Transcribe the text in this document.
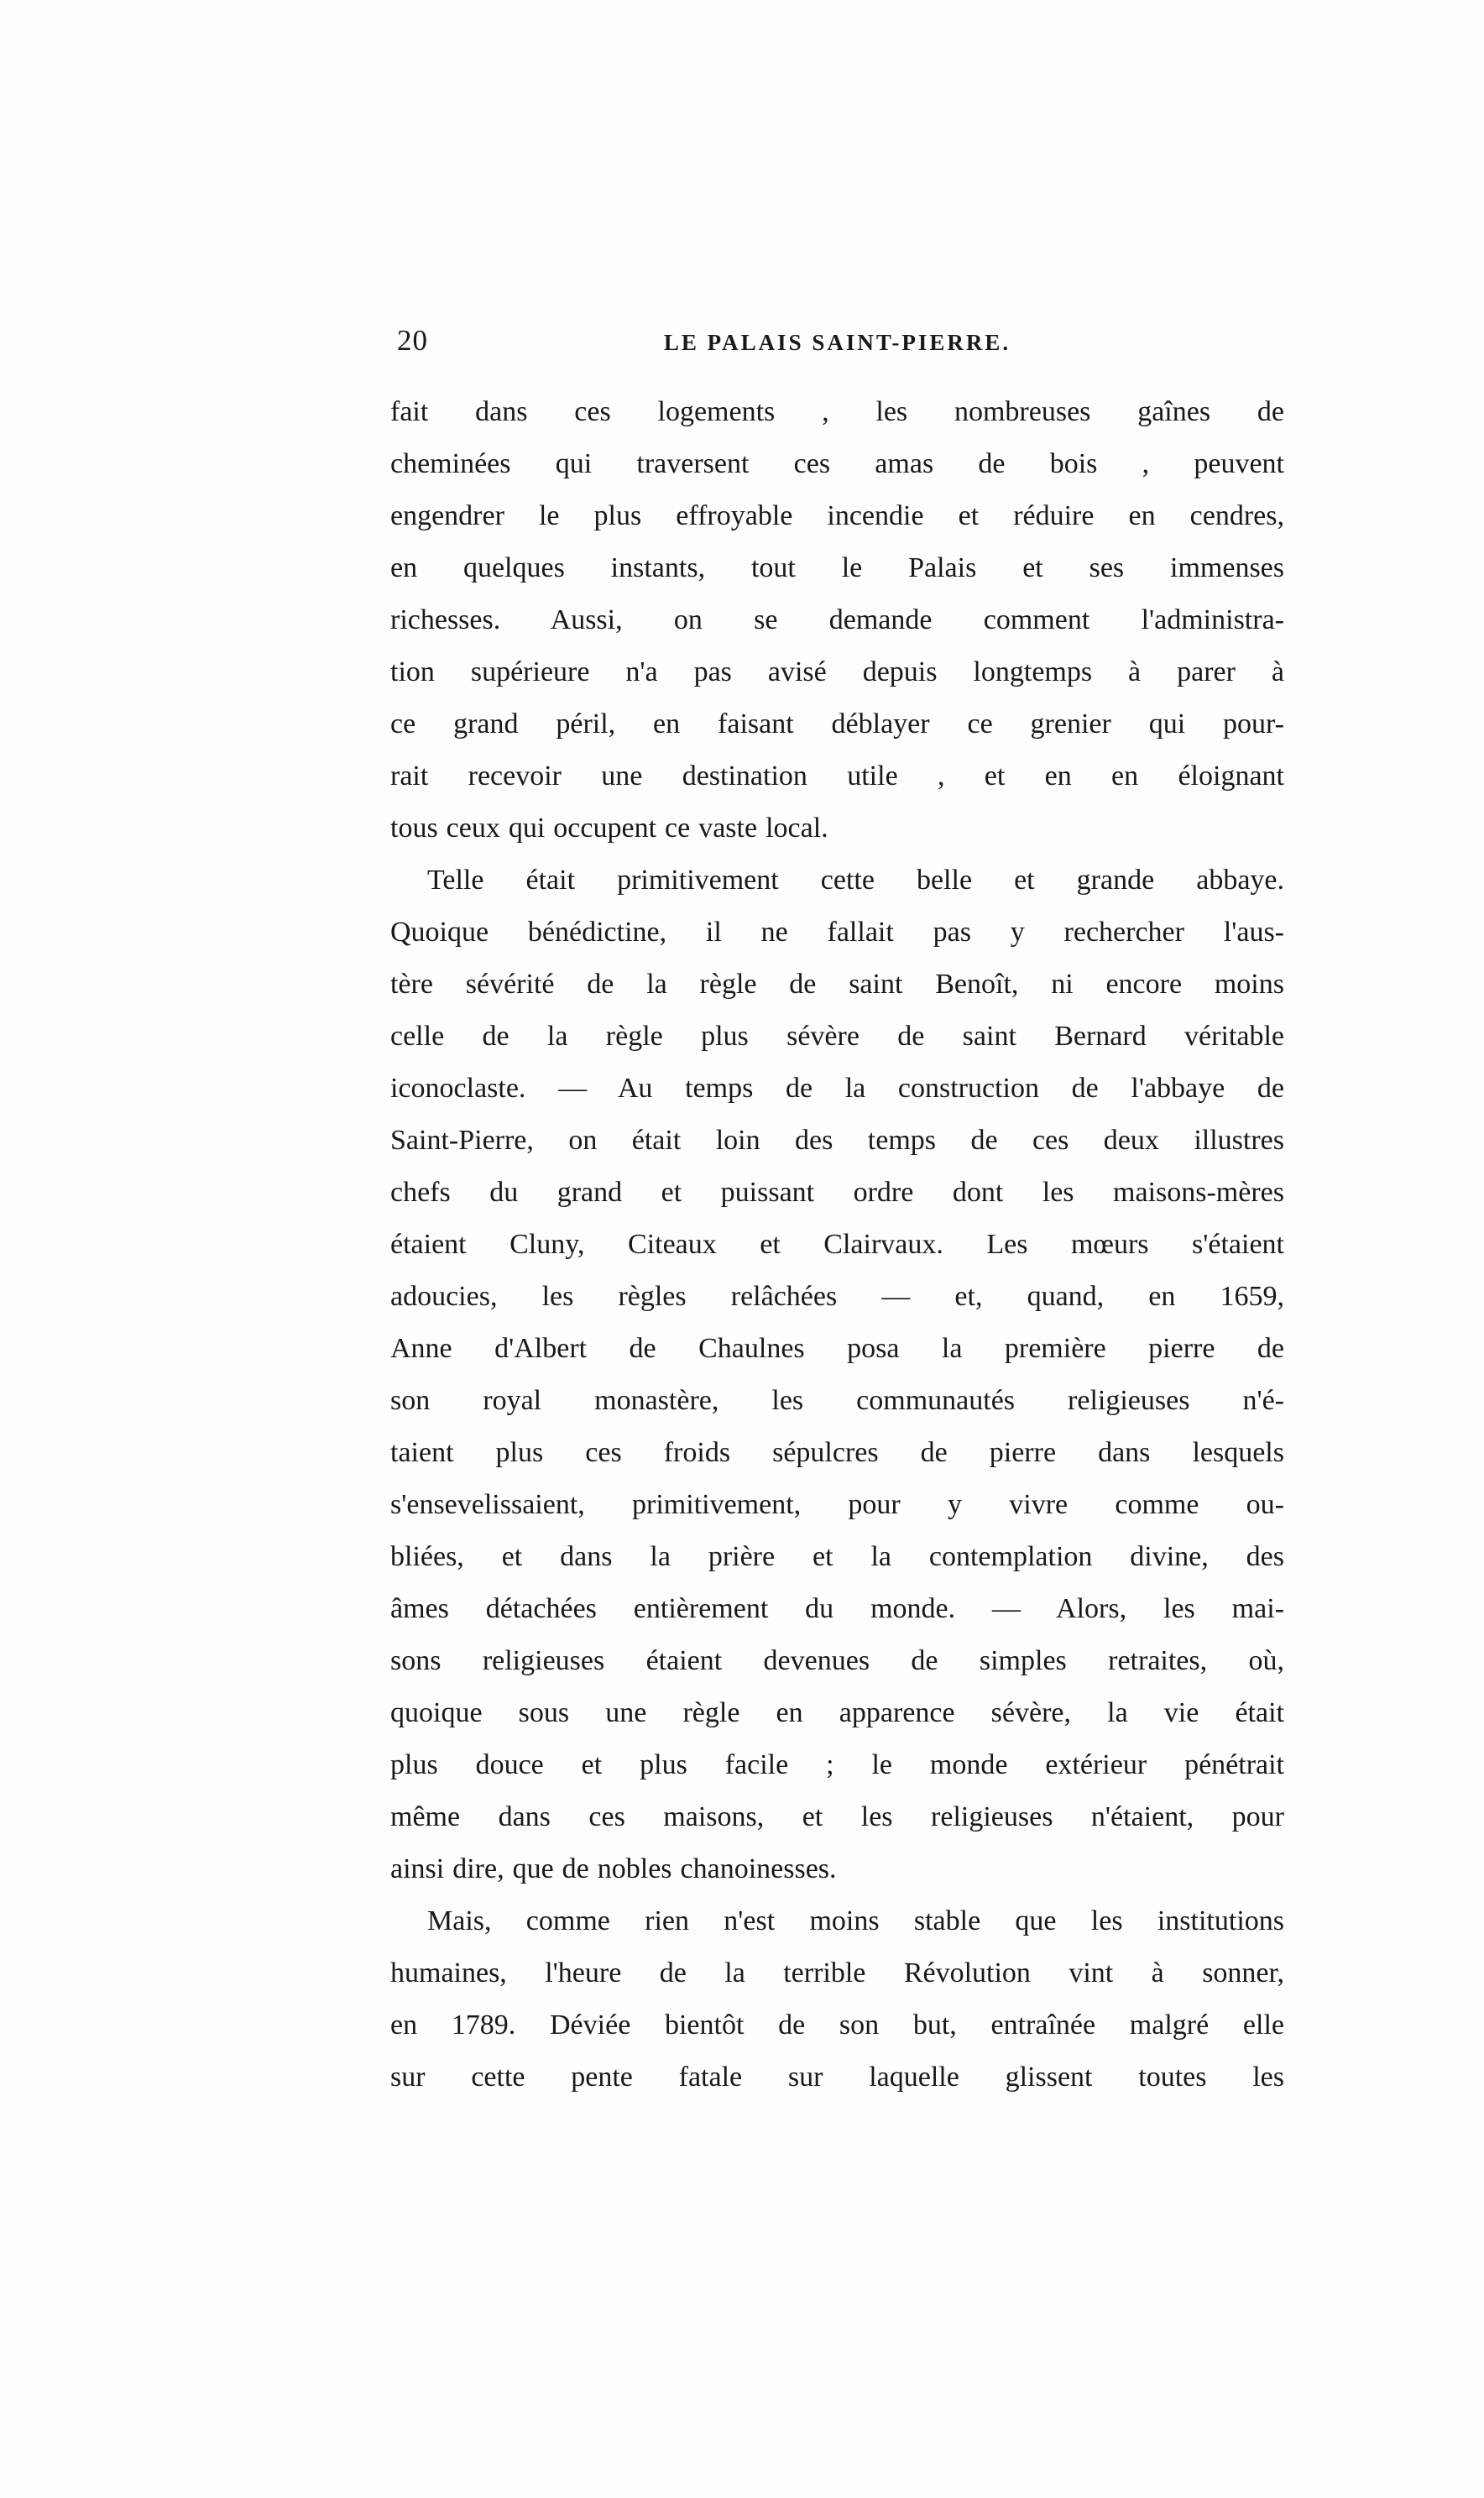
20	LE PALAIS SAINT-PIERRE.
fait dans ces logements , les nombreuses gaînes de
cheminées qui traversent ces amas de bois , peuvent
engendrer le plus effroyable incendie et réduire en cendres,
en quelques instants, tout le Palais et ses immenses
richesses. Aussi, on se demande comment l'administra-
tion supérieure n'a pas avisé depuis longtemps à parer à
ce grand péril, en faisant déblayer ce grenier qui pour-
rait recevoir une destination utile , et en en éloignant
tous ceux qui occupent ce vaste local.
Telle était primitivement cette belle et grande abbaye.
Quoique bénédictine, il ne fallait pas y rechercher l'aus-
tère sévérité de la règle de saint Benoît, ni encore moins
celle de la règle plus sévère de saint Bernard véritable
iconoclaste. — Au temps de la construction de l'abbaye de
Saint-Pierre, on était loin des temps de ces deux illustres
chefs du grand et puissant ordre dont les maisons-mères
étaient Cluny, Citeaux et Clairvaux. Les mœurs s'étaient
adoucies, les règles relâchées — et, quand, en 1659,
Anne d'Albert de Chaulnes posa la première pierre de
son royal monastère, les communautés religieuses n'é-
taient plus ces froids sépulcres de pierre dans lesquels
s'ensevelissaient, primitivement, pour y vivre comme ou-
bliées, et dans la prière et la contemplation divine, des
âmes détachées entièrement du monde. — Alors, les mai-
sons religieuses étaient devenues de simples retraites, où,
quoique sous une règle en apparence sévère, la vie était
plus douce et plus facile ; le monde extérieur pénétrait
même dans ces maisons, et les religieuses n'étaient, pour
ainsi dire, que de nobles chanoinesses.
Mais, comme rien n'est moins stable que les institutions
humaines, l'heure de la terrible Révolution vint à sonner,
en 1789. Déviée bientôt de son but, entraînée malgré elle
sur cette pente fatale sur laquelle glissent toutes les
